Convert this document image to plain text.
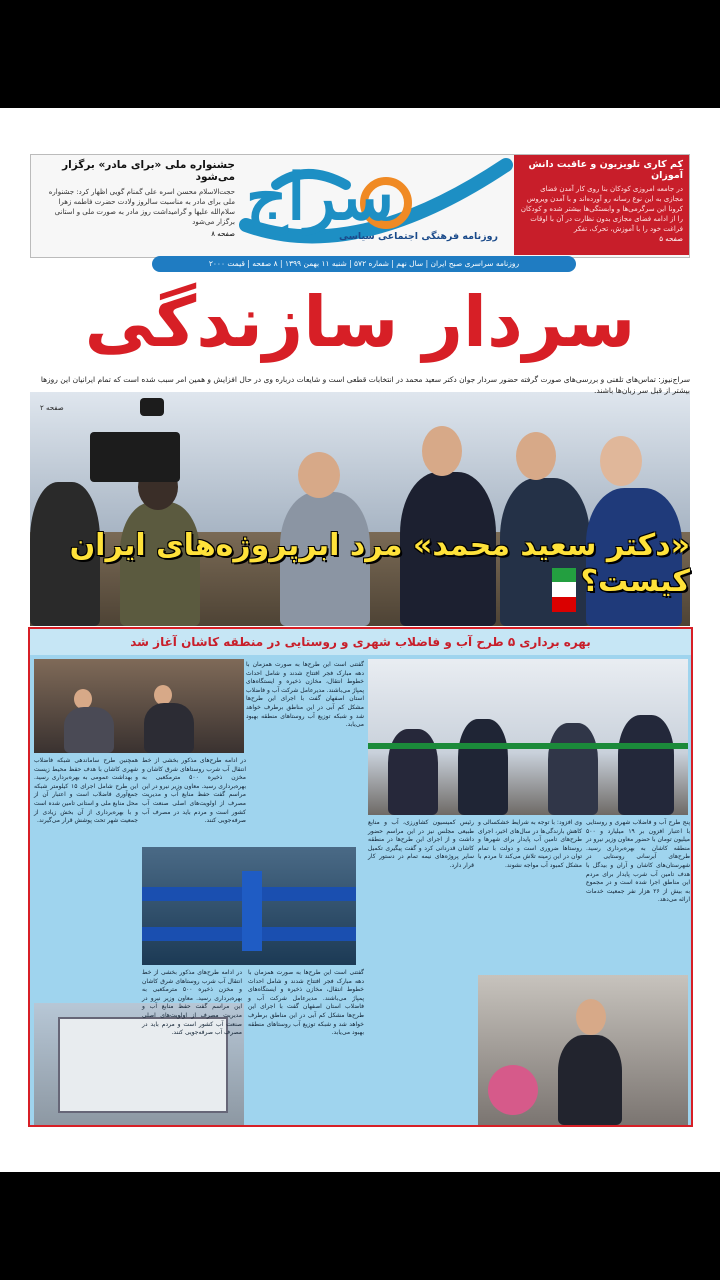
جشنواره ملی «برای مادر» برگزار می‌شود
حجت‌الاسلام محسن اسره علی گمنام گویی اظهار کرد: جشنواره ملی برای مادر به مناسبت سالروز ولادت حضرت فاطمه زهرا سلام‌الله علیها و گرامیداشت روز مادر به صورت ملی و استانی برگزار می‌شود
صفحه ۸ سراج
روزنامه فرهنگی اجتماعی سیاسی
کم کاری تلویزیون و عاقبت دانش آموزان
در جامعه امروزی کودکان بنا روی کار آمدن فضای مجازی به این نوع رسانه رو آورده‌اند و با آمدن ویروس کرونا این سرگرمی‌ها و وابستگی‌ها بیشتر شده و کودکان را از ادامه فضای مجازی بدون نظارت در آن با اوقات فراغت خود را با آموزش، تحرک، تفکر
صفحه ۵
روزنامه سراسری صبح ایران | سال نهم | شماره ۵۷۲ | شنبه ۱۱ بهمن ۱۳۹۹ | ۸ صفحه | قیمت ۲۰۰۰
سردار سازندگی
«دکتر سعید محمد» مرد ابرپروژه‌های ایران کیست؟
سراج‌نیوز: تماس‌های تلفنی و بررسی‌های صورت گرفته حضور سردار جوان دکتر سعید محمد در انتخابات قطعی است و شایعات درباره وی در حال افزایش و همین امر سبب شده است که تمام ایرانیان این روزها بیشتر از قبل سر زبان‌ها باشند.
صفحه ۲
بهره برداری ۵ طرح آب و فاضلاب شهری و روستایی در منطقه کاشان آغاز شد
گفتنی است این طرح‌ها به صورت همزمان با دهه مبارک فجر افتتاح شدند و شامل احداث خطوط انتقال، مخازن ذخیره و ایستگاه‌های پمپاژ می‌باشند. مدیرعامل شرکت آب و فاضلاب استان اصفهان گفت با اجرای این طرح‌ها مشکل کم آبی در این مناطق برطرف خواهد شد و شبکه توزیع آب روستاهای منطقه بهبود می‌یابد.
همچنین طرح ساماندهی شبکه فاضلاب شهری کاشان با هدف حفظ محیط زیست و بهداشت عمومی به بهره‌برداری رسید. این طرح شامل اجرای ۱۵ کیلومتر شبکه جمع‌آوری فاضلاب است و اعتبار آن از محل منابع ملی و استانی تامین شده است و با بهره‌برداری از آن بخش زیادی از جمعیت شهر تحت پوشش قرار می‌گیرند.
در ادامه طرح‌های مذکور بخشی از خط انتقال آب شرب روستاهای شرق کاشان و مخزن ذخیره ۵۰۰ مترمکعبی به بهره‌برداری رسید. معاون وزیر نیرو در این مراسم گفت حفظ منابع آب و مدیریت مصرف از اولویت‌های اصلی صنعت آب کشور است و مردم باید در مصرف آب صرفه‌جویی کنند.	پنج طرح آب و فاضلاب شهری و روستایی با اعتبار افزون بر ۱۹ میلیارد و ۵۰۰ میلیون تومان با حضور معاون وزیر نیرو در منطقه کاشان به بهره‌برداری رسید. طرح‌های آبرسانی روستایی در شهرستان‌های کاشان و آران و بیدگل با هدف تامین آب شرب پایدار برای مردم این مناطق اجرا شده است و در مجموع به بیش از ۲۶ هزار نفر جمعیت خدمات ارائه می‌دهد.
وی افزود: با توجه به شرایط خشکسالی و کاهش بارندگی‌ها در سال‌های اخیر، اجرای طرح‌های تامین آب پایدار برای شهرها و روستاها ضروری است و دولت با تمام توان در این زمینه تلاش می‌کند تا مردم با مشکل کمبود آب مواجه نشوند.
رئیس کمیسیون کشاورزی، آب و منابع طبیعی مجلس نیز در این مراسم حضور داشت و از اجرای این طرح‌ها در منطقه کاشان قدردانی کرد و گفت پیگیری تکمیل سایر پروژه‌های نیمه تمام در دستور کار قرار دارد.
گفتنی است این طرح‌ها به صورت همزمان با دهه مبارک فجر افتتاح شدند و شامل احداث خطوط انتقال، مخازن ذخیره و ایستگاه‌های پمپاژ می‌باشند. مدیرعامل شرکت آب و فاضلاب استان اصفهان گفت با اجرای این طرح‌ها مشکل کم آبی در این مناطق برطرف خواهد شد و شبکه توزیع آب روستاهای منطقه بهبود می‌یابد.
در ادامه طرح‌های مذکور بخشی از خط انتقال آب شرب روستاهای شرق کاشان و مخزن ذخیره ۵۰۰ مترمکعبی به بهره‌برداری رسید. معاون وزیر نیرو در این مراسم گفت حفظ منابع آب و مدیریت مصرف از اولویت‌های اصلی صنعت آب کشور است و مردم باید در مصرف آب صرفه‌جویی کنند.
